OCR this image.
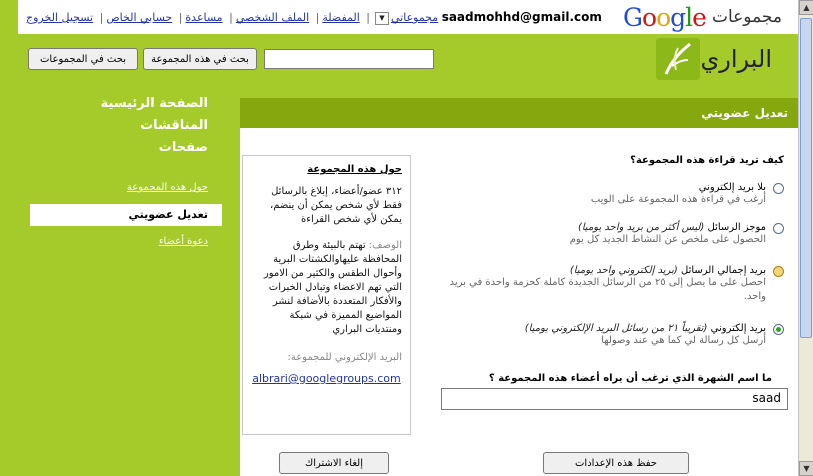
saadmohhd@gmail.com مجموعاتي▼| المفضلة| الملف الشخصي| مساعدة| حسابي الخاص| تسجيل الخروج	Google مجموعات
بحث في المجموعات	بحث في هذه المجموعة	البراري
تعديل عضويتي
الصفحة الرئيسية
المناقشات
صفحات
حول هذه المجموعة
تعديل عضويتي
دعوة أعضاء
حول هذه المجموعة

٣١٢ عضو/أعضاء، إبلاغ بالرسائل فقط لأي شخص يمكن أن ينضم، يمكن لأي شخص القراءة

الوصف: تهتم بالبيئة وطرق المحافظة عليهاوالكشتات البرية وأحوال الطقس والكثير من الامور التي تهم الاعضاء وتبادل الخبرات والأفكار المتعددة بالأضافة لنشر المواضيع المميزة في شبكة ومنتديات البراري

البريد الإلكتروني للمجموعة:

albrari@googlegroups.com
كيف تريد قراءة هذه المجموعة؟
بلا بريد إلكتروني
أرغب في قراءة هذه المجموعة على الويب
موجز الرسائل (ليس أكثر من بريد واحد يوميا)
الحصول على ملخص عن النشاط الجديد كل يوم
بريد إجمالي الرسائل (بريد إلكتروني واحد يوميا)
احصل على ما يصل إلى ٢٥ من الرسائل الجديدة كاملة كحزمة واحدة في بريد واحد.
بريد إلكتروني (تقريباً ٢١ من رسائل البريد الإلكتروني يوميا)
أرسل كل رسالة لي كما هي عند وصولها
ما اسم الشهرة الذي ترغب أن يراه أعضاء هذه المجموعة ؟
saad
حفظ هذه الإعدادات
إلغاء الاشتراك
▲
▼
